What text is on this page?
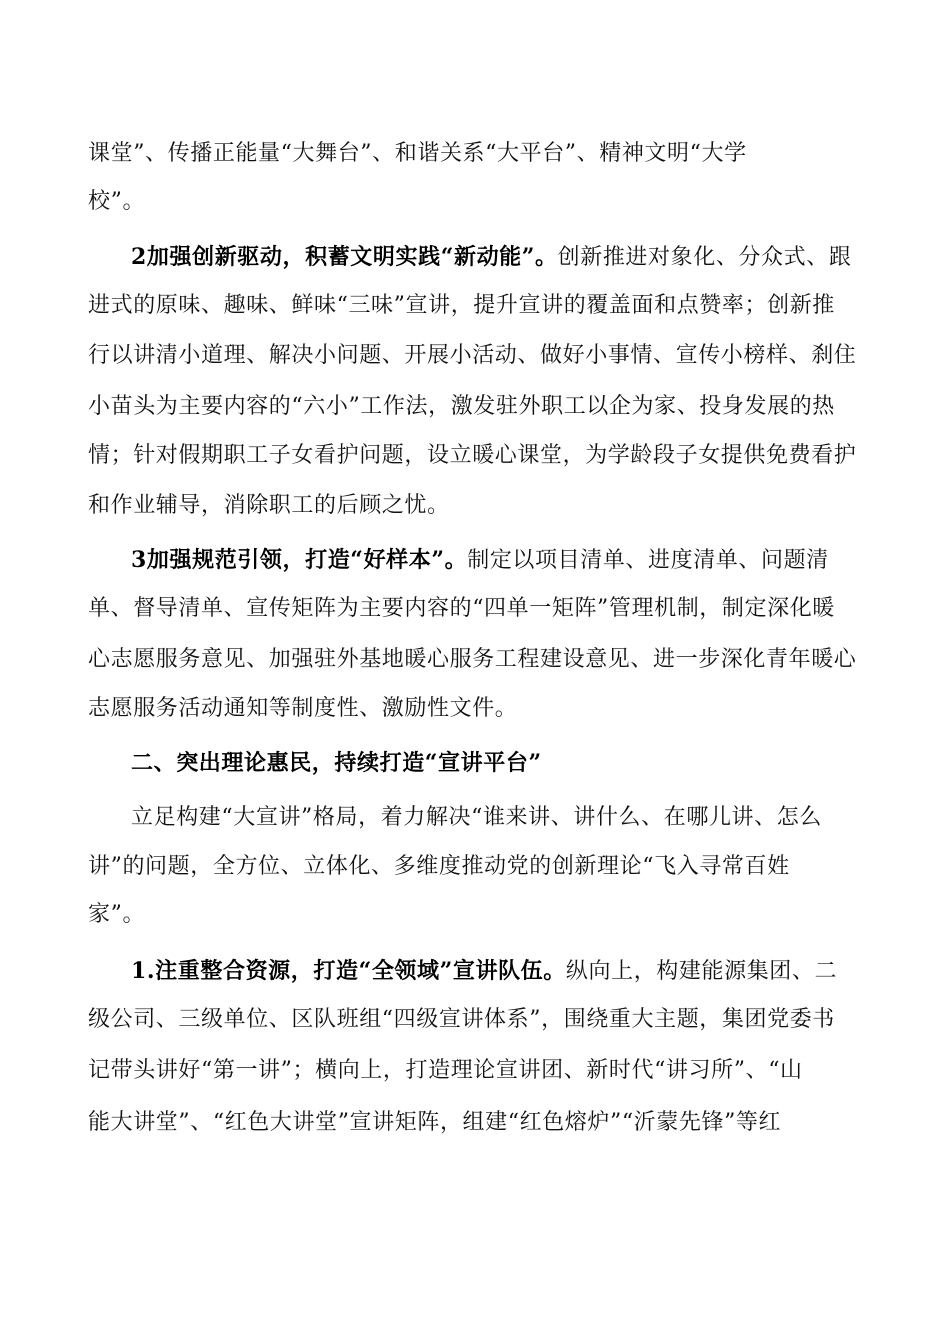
课堂”、传播正能量“大舞台”、和谐关系“大平台”、精神文明“大学
校”。
2加强创新驱动，积蓄文明实践“新动能”。创新推进对象化、分众式、跟
进式的原味、趣味、鲜味“三味”宣讲，提升宣讲的覆盖面和点赞率；创新推
行以讲清小道理、解决小问题、开展小活动、做好小事情、宣传小榜样、刹住
小苗头为主要内容的“六小”工作法，激发驻外职工以企为家、投身发展的热
情；针对假期职工子女看护问题，设立暖心课堂，为学龄段子女提供免费看护
和作业辅导，消除职工的后顾之忧。
3加强规范引领，打造“好样本”。制定以项目清单、进度清单、问题清
单、督导清单、宣传矩阵为主要内容的“四单一矩阵”管理机制，制定深化暖
心志愿服务意见、加强驻外基地暖心服务工程建设意见、进一步深化青年暖心
志愿服务活动通知等制度性、激励性文件。
二、突出理论惠民，持续打造“宣讲平台”
立足构建“大宣讲”格局，着力解决“谁来讲、讲什么、在哪儿讲、怎么
讲”的问题，全方位、立体化、多维度推动党的创新理论“飞入寻常百姓
家”。
1.注重整合资源，打造“全领域”宣讲队伍。纵向上，构建能源集团、二
级公司、三级单位、区队班组“四级宣讲体系”，围绕重大主题，集团党委书
记带头讲好“第一讲”；横向上，打造理论宣讲团、新时代“讲习所”、“山
能大讲堂”、“红色大讲堂”宣讲矩阵，组建“红色熔炉”“沂蒙先锋”等红
